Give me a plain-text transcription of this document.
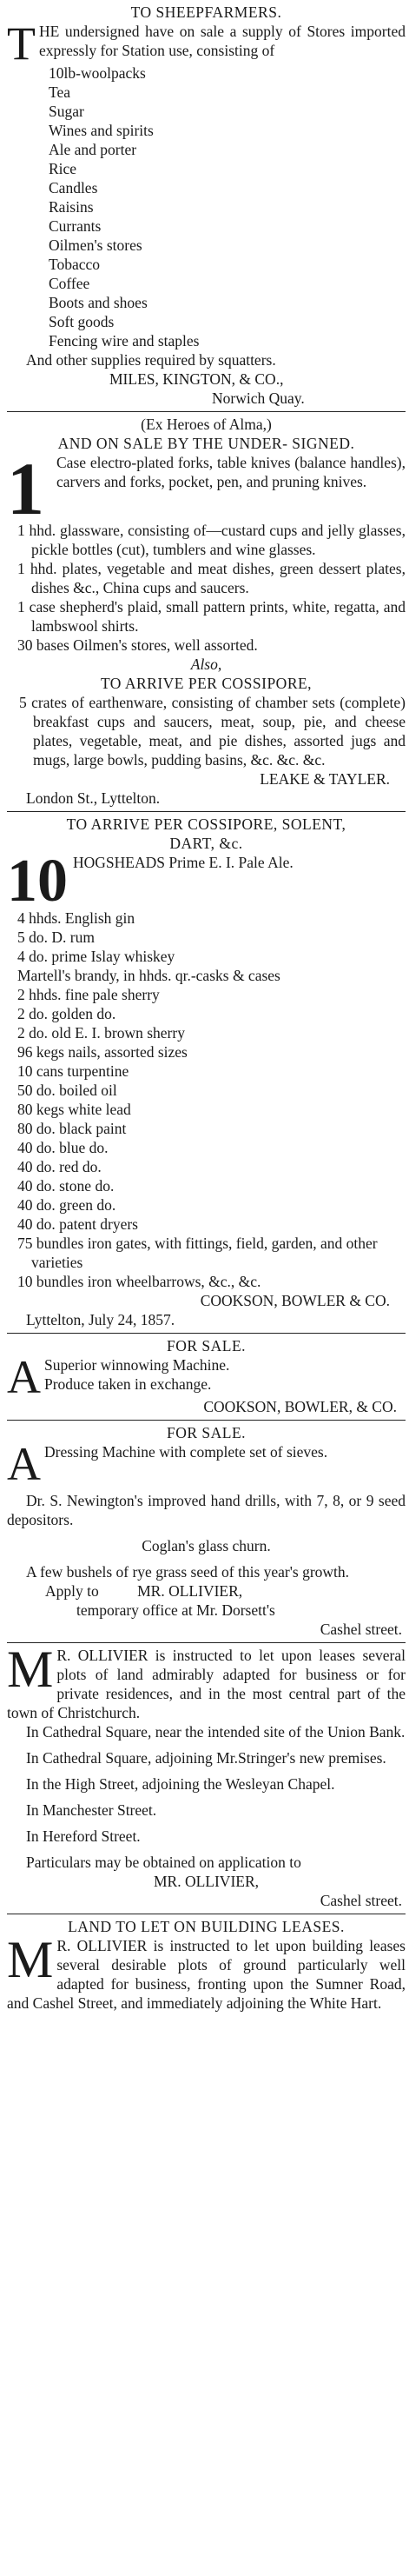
TO SHEEPFARMERS.
T HE undersigned have on sale a supply of Stores imported expressly for Station use, consisting of
10lb-woolpacks
Tea
Sugar
Wines and spirits
Ale and porter
Rice
Candles
Raisins
Currants
Oilmen's stores
Tobacco
Coffee
Boots and shoes
Soft goods
Fencing wire and staples
And other supplies required by squatters.
MILES, KINGTON, & CO.,
Norwich Quay.
(Ex Heroes of Alma,)
AND ON SALE BY THE UNDER- SIGNED.
1 Case electro-plated forks, table knives (balance handles), carvers and forks, pocket, pen, and pruning knives.
1 hhd. glassware, consisting of—custard cups and jelly glasses, pickle bottles (cut), tumblers and wine glasses.
1 hhd. plates, vegetable and meat dishes, green dessert plates, dishes &c., China cups and saucers.
1 case shepherd's plaid, small pattern prints, white, regatta, and lambswool shirts.
30 bases Oilmen's stores, well assorted.
Also,
TO ARRIVE PER COSSIPORE,
5 crates of earthenware, consisting of chamber sets (complete) breakfast cups and saucers, meat, soup, pie, and cheese plates, vegetable, meat, and pie dishes, assorted jugs and mugs, large bowls, pudding basins, &c. &c. &c.
LEAKE & TAYLER.
London St., Lyttelton.
TO ARRIVE PER COSSIPORE, SOLENT,
DART, &c.
10 HOGSHEADS Prime E. I. Pale Ale.
4 hhds. English gin
5 do. D. rum
4 do. prime Islay whiskey
Martell's brandy, in hhds. qr.-casks & cases
2 hhds. fine pale sherry
2 do. golden do.
2 do. old E. I. brown sherry
96 kegs nails, assorted sizes
10 cans turpentine
50 do. boiled oil
80 kegs white lead
80 do. black paint
40 do. blue do.
40 do. red do.
40 do. stone do.
40 do. green do.
40 do. patent dryers
75 bundles iron gates, with fittings, field, garden, and other varieties
10 bundles iron wheelbarrows, &c., &c.
COOKSON, BOWLER & CO.
Lyttelton, July 24, 1857.
FOR SALE.
A Superior winnowing Machine.
Produce taken in exchange.
COOKSON, BOWLER, & CO.
FOR SALE.
A Dressing Machine with complete set of sieves.
Dr. S. Newington's improved hand drills, with 7, 8, or 9 seed depositors.
Coglan's glass churn.
A few bushels of rye grass seed of this year's growth.
Apply to	MR. OLLIVIER,
temporary office at Mr. Dorsett's
Cashel street.
M R. OLLIVIER is instructed to let upon leases several plots of land admirably adapted for business or for private residences, and in the most central part of the town of Christchurch.
In Cathedral Square, near the intended site of the Union Bank.
In Cathedral Square, adjoining Mr.Stringer's new premises.
In the High Street, adjoining the Wesleyan Chapel.
In Manchester Street.
In Hereford Street.
Particulars may be obtained on application to
MR. OLLIVIER,
Cashel street.
LAND TO LET ON BUILDING LEASES.
M R. OLLIVIER is instructed to let upon building leases several desirable plots of ground particularly well adapted for business, fronting upon the Sumner Road, and Cashel Street, and immediately adjoining the White Hart.
